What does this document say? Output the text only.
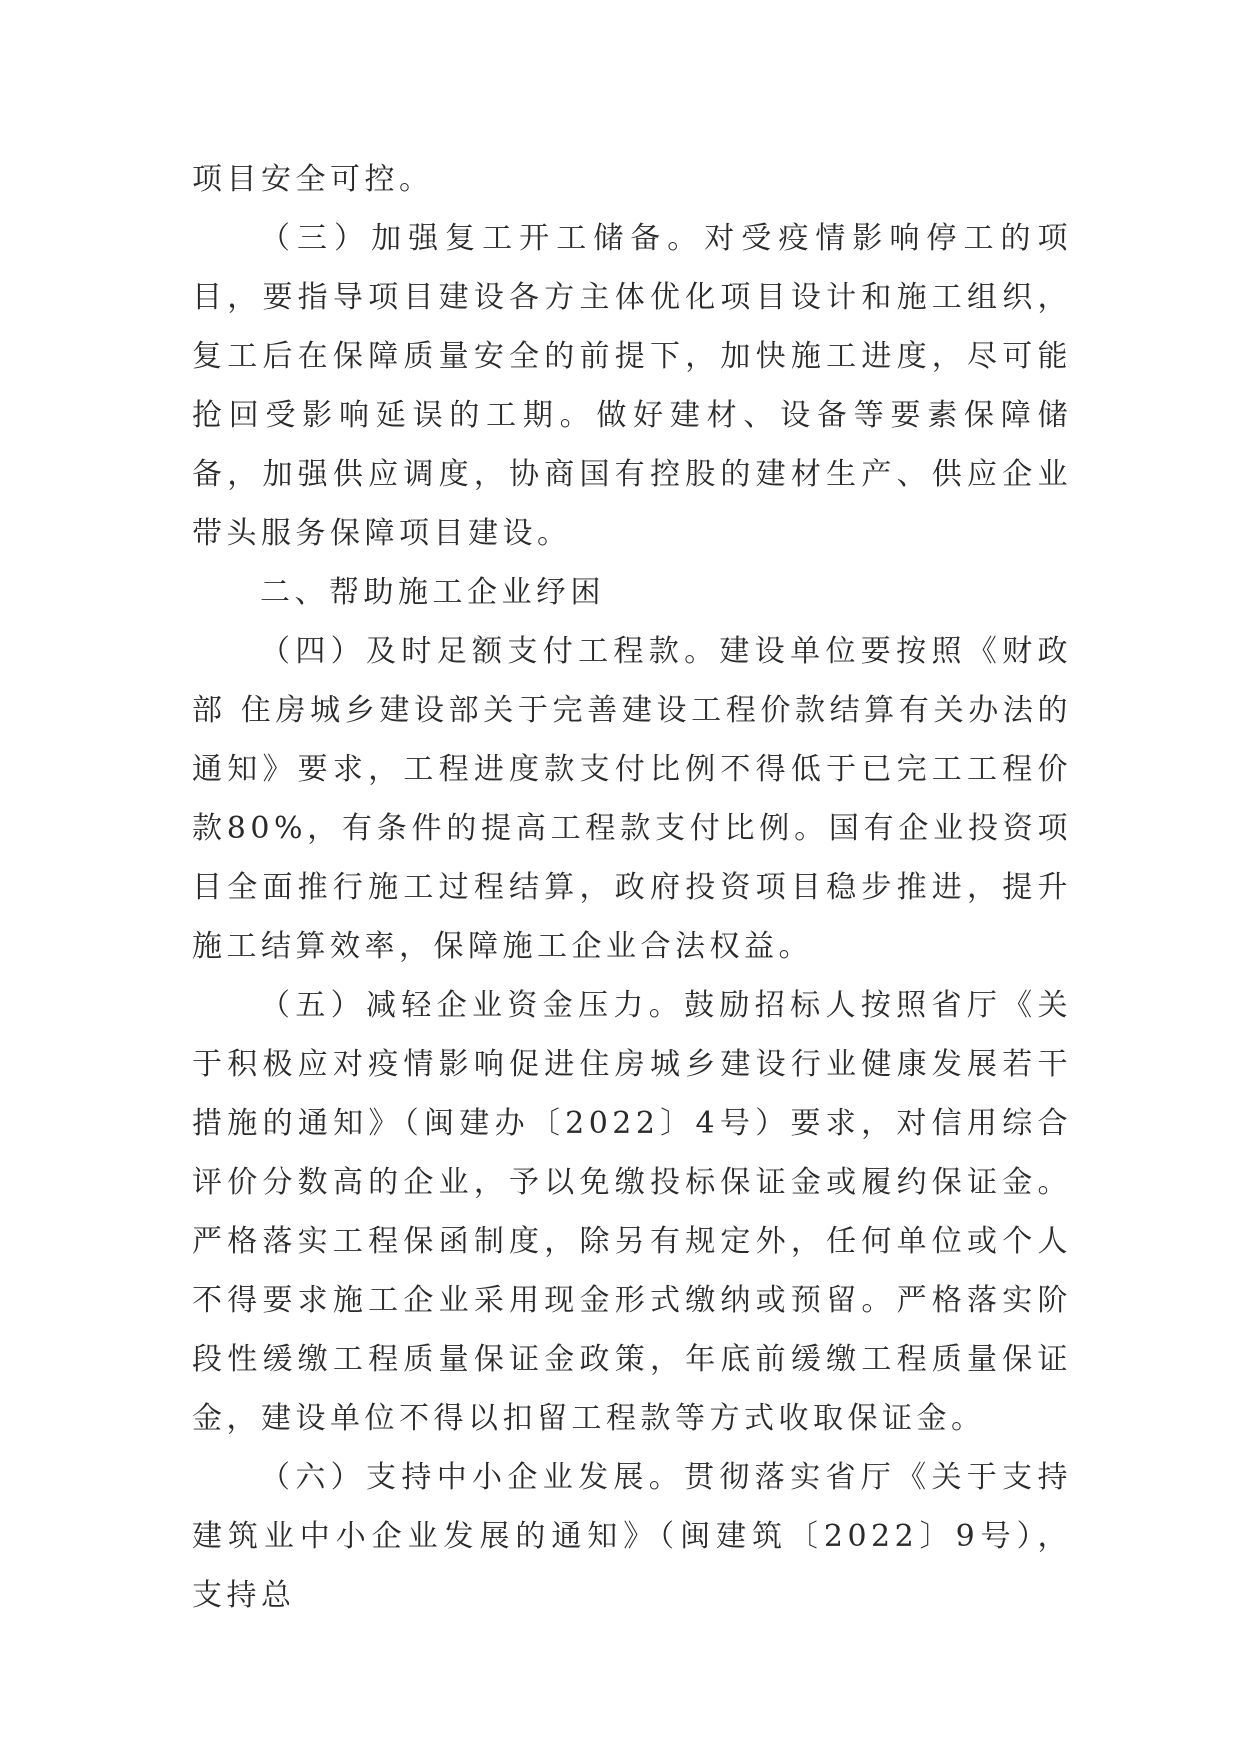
项目安全可控。

（三）加强复工开工储备。对受疫情影响停工的项目，要指导项目建设各方主体优化项目设计和施工组织，复工后在保障质量安全的前提下，加快施工进度，尽可能抢回受影响延误的工期。做好建材、设备等要素保障储备，加强供应调度，协商国有控股的建材生产、供应企业带头服务保障项目建设。

二、帮助施工企业纾困

（四）及时足额支付工程款。建设单位要按照《财政部 住房城乡建设部关于完善建设工程价款结算有关办法的通知》要求，工程进度款支付比例不得低于已完工工程价款80%，有条件的提高工程款支付比例。国有企业投资项目全面推行施工过程结算，政府投资项目稳步推进，提升施工结算效率，保障施工企业合法权益。

（五）减轻企业资金压力。鼓励招标人按照省厅《关于积极应对疫情影响促进住房城乡建设行业健康发展若干措施的通知》（闽建办〔2022〕4号）要求，对信用综合评价分数高的企业，予以免缴投标保证金或履约保证金。严格落实工程保函制度，除另有规定外，任何单位或个人不得要求施工企业采用现金形式缴纳或预留。严格落实阶段性缓缴工程质量保证金政策，年底前缓缴工程质量保证金，建设单位不得以扣留工程款等方式收取保证金。

（六）支持中小企业发展。贯彻落实省厅《关于支持建筑业中小企业发展的通知》（闽建筑〔2022〕9号），支持总
